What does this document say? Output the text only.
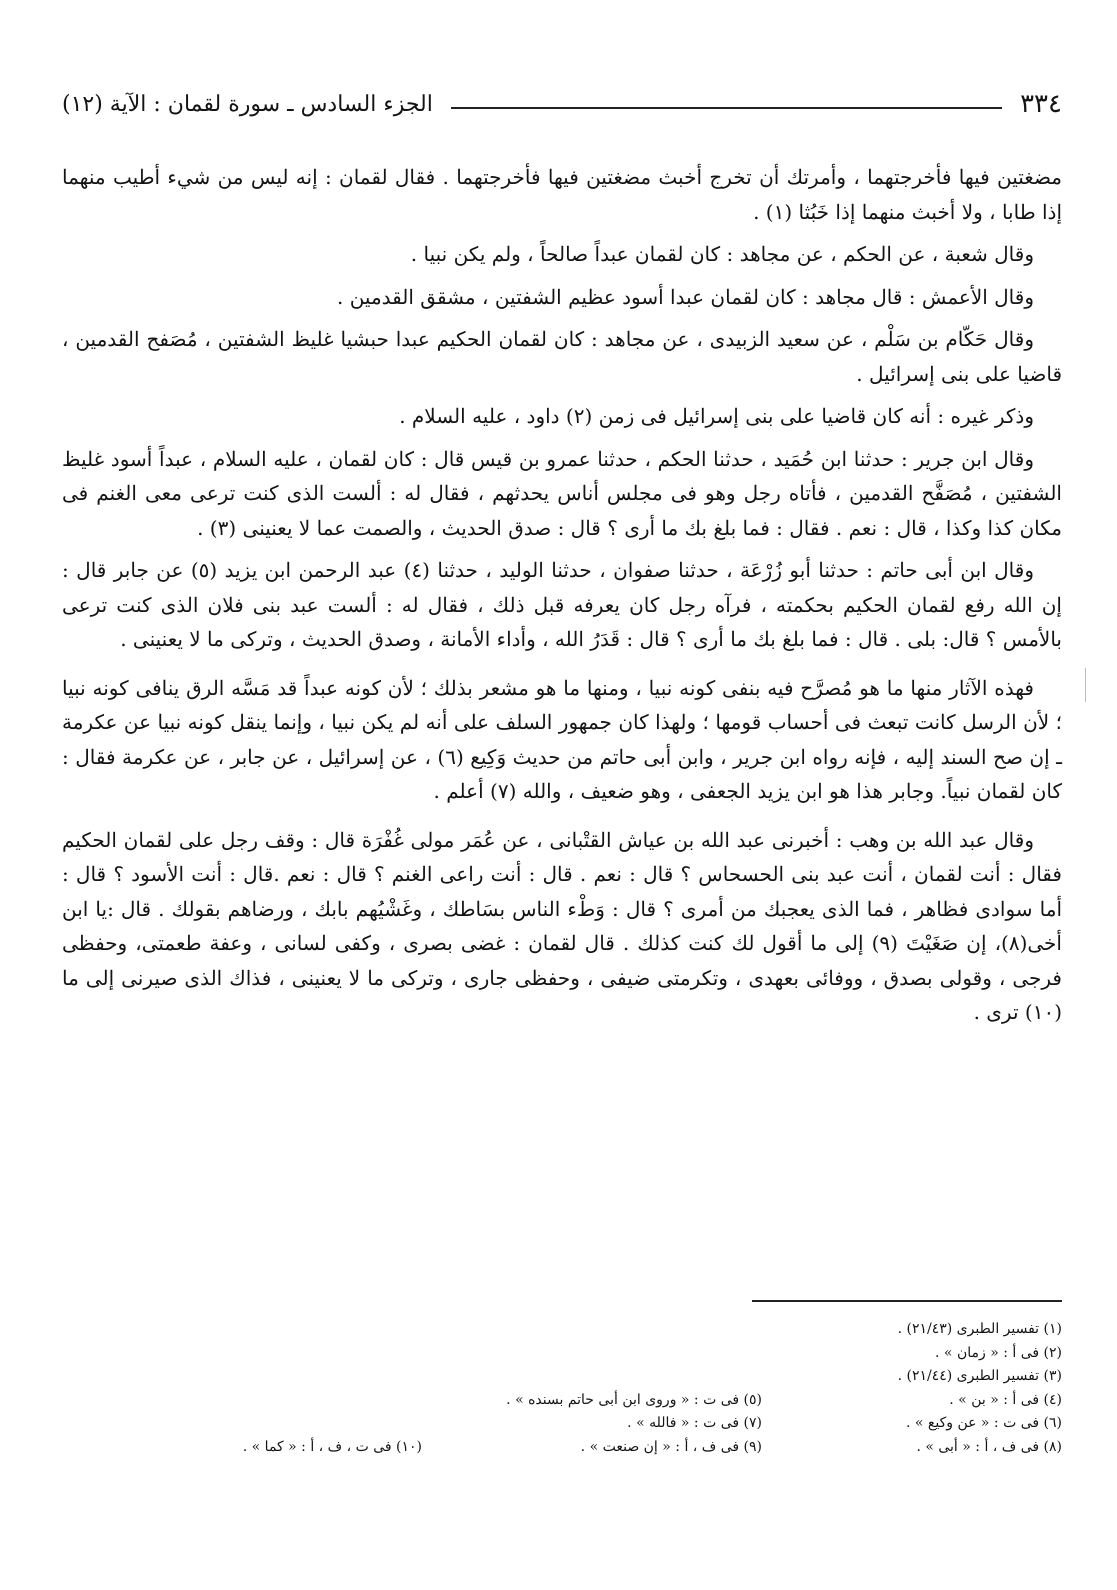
٣٣٤
الجزء السادس ـ سورة لقمان : الآية (١٢)

مضغتين فيها فأخرجتهما ، وأمرتك أن تخرج أخبث مضغتين فيها فأخرجتهما . فقال لقمان : إنه ليس من شيء أطيب منهما إذا طابا ، ولا أخبث منهما إذا خَبُثا (١) .

وقال شعبة ، عن الحكم ، عن مجاهد : كان لقمان عبداً صالحاً ، ولم يكن نبيا .

وقال الأعمش : قال مجاهد : كان لقمان عبدا أسود عظيم الشفتين ، مشقق القدمين .

وقال حَكّام بن سَلْم ، عن سعيد الزبيدى ، عن مجاهد : كان لقمان الحكيم عبدا حبشيا غليظ الشفتين ، مُصَفح القدمين ، قاضيا على بنى إسرائيل .

وذكر غيره : أنه كان قاضيا على بنى إسرائيل فى زمن (٢) داود ، عليه السلام .

وقال ابن جرير : حدثنا ابن حُمَيد ، حدثنا الحكم ، حدثنا عمرو بن قيس قال : كان لقمان ، عليه السلام ، عبداً أسود غليظ الشفتين ، مُصَفَّح القدمين ، فأتاه رجل وهو فى مجلس أناس يحدثهم ، فقال له : ألست الذى كنت ترعى معى الغنم فى مكان كذا وكذا ، قال : نعم . فقال : فما بلغ بك ما أرى ؟ قال : صدق الحديث ، والصمت عما لا يعنينى (٣) .

وقال ابن أبى حاتم : حدثنا أبو زُرْعَة ، حدثنا صفوان ، حدثنا الوليد ، حدثنا (٤) عبد الرحمن ابن يزيد (٥) عن جابر قال : إن الله رفع لقمان الحكيم بحكمته ، فرآه رجل كان يعرفه قبل ذلك ، فقال له : ألست عبد بنى فلان الذى كنت ترعى بالأمس ؟ قال: بلى . قال : فما بلغ بك ما أرى ؟ قال : قَدَرُ الله ، وأداء الأمانة ، وصدق الحديث ، وتركى ما لا يعنينى .

فهذه الآثار منها ما هو مُصرَّح فيه بنفى كونه نبيا ، ومنها ما هو مشعر بذلك ؛ لأن كونه عبداً قد مَسَّه الرق ينافى كونه نبيا ؛ لأن الرسل كانت تبعث فى أحساب قومها ؛ ولهذا كان جمهور السلف على أنه لم يكن نبيا ، وإنما ينقل كونه نبيا عن عكرمة ـ إن صح السند إليه ، فإنه رواه ابن جرير ، وابن أبى حاتم من حديث وَكِيع (٦) ، عن إسرائيل ، عن جابر ، عن عكرمة فقال : كان لقمان نبياً. وجابر هذا هو ابن يزيد الجعفى ، وهو ضعيف ، والله (٧) أعلم .

وقال عبد الله بن وهب : أخبرنى عبد الله بن عياش القتْبانى ، عن عُمَر مولى غُفْرَة قال : وقف رجل على لقمان الحكيم فقال : أنت لقمان ، أنت عبد بنى الحسحاس ؟ قال : نعم . قال : أنت راعى الغنم ؟ قال : نعم .قال : أنت الأسود ؟ قال : أما سوادى فظاهر ، فما الذى يعجبك من أمرى ؟ قال : وَطْء الناس بسَاطك ، وغَشْيُهم بابك ، ورضاهم بقولك . قال :يا ابن أخى(٨)، إن صَغَيْتَ (٩) إلى ما أقول لك كنت كذلك . قال لقمان : غضى بصرى ، وكفى لسانى ، وعفة طعمتى، وحفظى فرجى ، وقولى بصدق ، ووفائى بعهدى ، وتكرمتى ضيفى ، وحفظى جارى ، وتركى ما لا يعنينى ، فذاك الذى صيرنى إلى ما (١٠) ترى .

(١) تفسير الطبرى (٢١/٤٣) .
(٢) فى أ : « زمان » .
(٣) تفسير الطبرى (٢١/٤٤) .
(٤) فى أ : « بن » .
(٥) فى ت : « وروى ابن أبى حاتم بسنده » .
(٦) فى ت : « عن وكيع » .
(٧) فى ت : « فالله » .
(٨) فى ف ، أ : « أبى » .
(٩) فى ف ، أ : « إن صنعت » .
(١٠) فى ت ، ف ، أ : « كما » .
